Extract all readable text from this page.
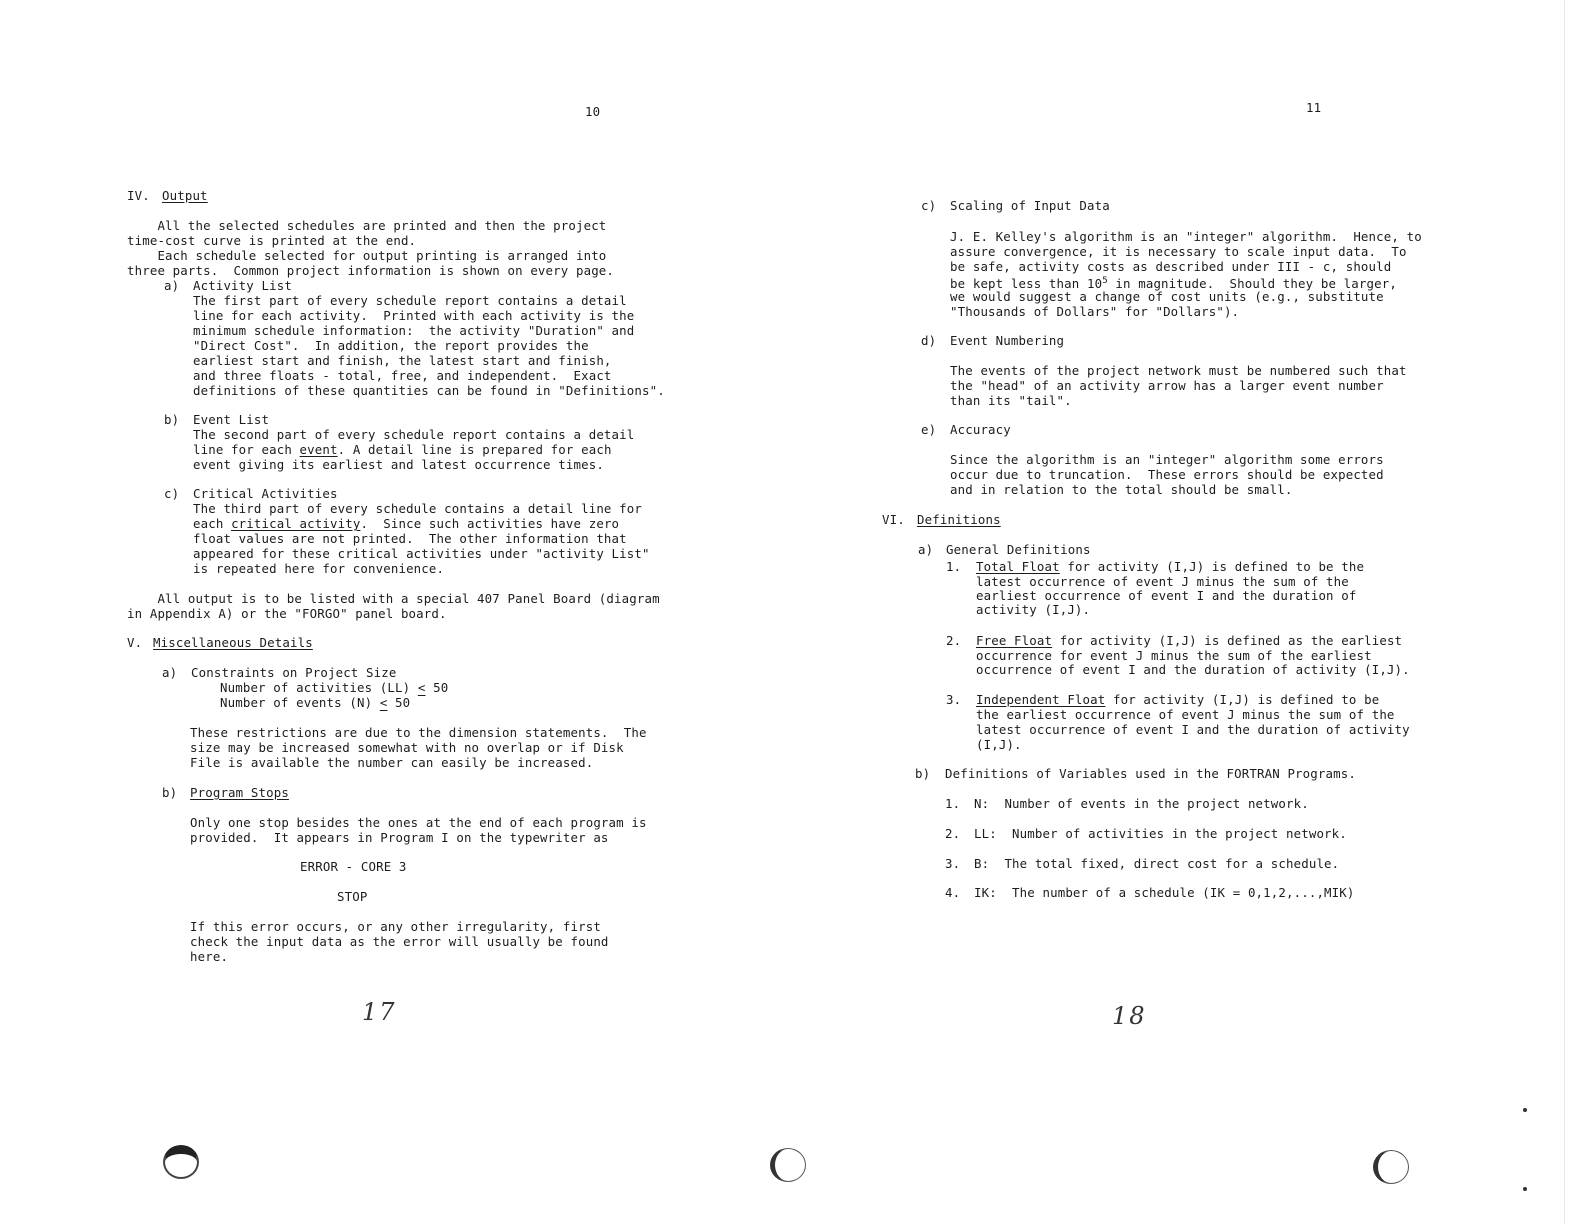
10
IV. Output
All the selected schedules are printed and then the project
time-cost curve is printed at the end.
Each schedule selected for output printing is arranged into
three parts.  Common project information is shown on every page.
a) Activity List
The first part of every schedule report contains a detail
line for each activity.  Printed with each activity is the
minimum schedule information:  the activity "Duration" and
"Direct Cost".  In addition, the report provides the
earliest start and finish, the latest start and finish,
and three floats - total, free, and independent.  Exact
definitions of these quantities can be found in "Definitions".
b) Event List
The second part of every schedule report contains a detail
line for each event. A detail line is prepared for each
event giving its earliest and latest occurrence times.
c) Critical Activities
The third part of every schedule contains a detail line for
each critical activity.  Since such activities have zero
float values are not printed.  The other information that
appeared for these critical activities under "activity List"
is repeated here for convenience.
All output is to be listed with a special 407 Panel Board (diagram
in Appendix A) or the "FORGO" panel board.
V. Miscellaneous Details
a) Constraints on Project Size
Number of activities (LL) ≤ 50
Number of events (N) ≤ 50
These restrictions are due to the dimension statements.  The
size may be increased somewhat with no overlap or if Disk
File is available the number can easily be increased.
b) Program Stops
Only one stop besides the ones at the end of each program is
provided.  It appears in Program I on the typewriter as
ERROR - CORE 3
STOP
If this error occurs, or any other irregularity, first
check the input data as the error will usually be found
here.
17
11
c) Scaling of Input Data
J. E. Kelley's algorithm is an "integer" algorithm.  Hence, to
assure convergence, it is necessary to scale input data.  To
be safe, activity costs as described under III - c, should
be kept less than $10^5$ in magnitude.  Should they be larger,
we would suggest a change of cost units (e.g., substitute
"Thousands of Dollars" for "Dollars").
d) Event Numbering
The events of the project network must be numbered such that
the "head" of an activity arrow has a larger event number
than its "tail".
e) Accuracy
Since the algorithm is an "integer" algorithm some errors
occur due to truncation.  These errors should be expected
and in relation to the total should be small.
VI. Definitions
a) General Definitions
1. Total Float for activity (I,J) is defined to be the
latest occurrence of event J minus the sum of the
earliest occurrence of event I and the duration of
activity (I,J).
2. Free Float for activity (I,J) is defined as the earliest
occurrence for event J minus the sum of the earliest
occurrence of event I and the duration of activity (I,J).
3. Independent Float for activity (I,J) is defined to be
the earliest occurrence of event J minus the sum of the
latest occurrence of event I and the duration of activity
(I,J).
b) Definitions of Variables used in the FORTRAN Programs.
1. N:  Number of events in the project network.
2. LL:  Number of activities in the project network.
3. B:  The total fixed, direct cost for a schedule.
4. IK:  The number of a schedule (IK = 0,1,2,...,MIK)
18
